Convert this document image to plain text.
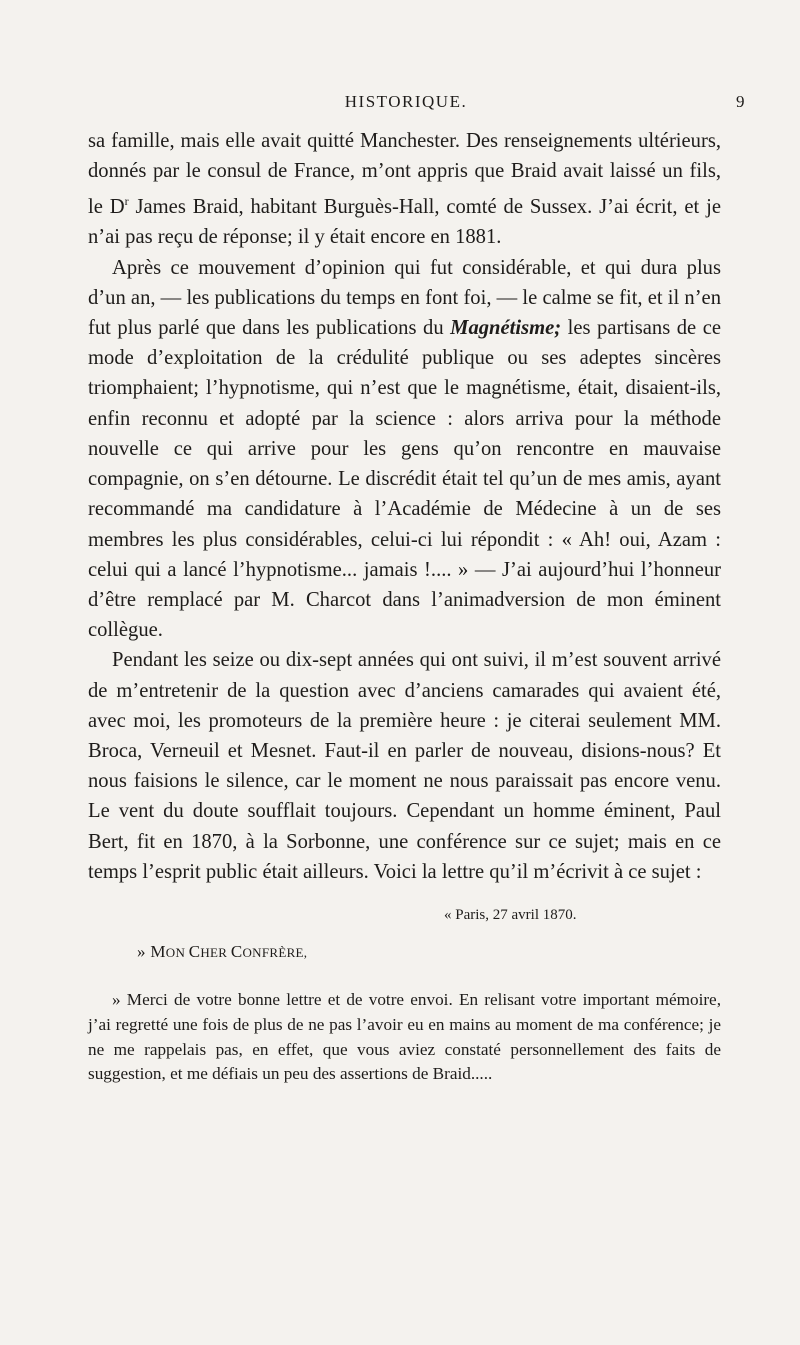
HISTORIQUE.	9

sa famille, mais elle avait quitté Manchester. Des renseignements ultérieurs, donnés par le consul de France, m’ont appris que Braid avait laissé un fils, le $D^r$ James Braid, habitant Burguès-Hall, comté de Sussex. J’ai écrit, et je n’ai pas reçu de réponse; il y était encore en 1881.

Après ce mouvement d’opinion qui fut considérable, et qui dura plus d’un an, — les publications du temps en font foi, — le calme se fit, et il n’en fut plus parlé que dans les publications du Magnétisme; les partisans de ce mode d’exploitation de la crédulité publique ou ses adeptes sincères triomphaient; l’hypnotisme, qui n’est que le magnétisme, était, disaient-ils, enfin reconnu et adopté par la science : alors arriva pour la méthode nouvelle ce qui arrive pour les gens qu’on rencontre en mauvaise compagnie, on s’en détourne. Le discrédit était tel qu’un de mes amis, ayant recommandé ma candidature à l’Académie de Médecine à un de ses membres les plus considérables, celui-ci lui répondit : « Ah! oui, Azam : celui qui a lancé l’hypnotisme... jamais !.... » — J’ai aujourd’hui l’honneur d’être remplacé par M. Charcot dans l’animadversion de mon éminent collègue.

Pendant les seize ou dix-sept années qui ont suivi, il m’est souvent arrivé de m’entretenir de la question avec d’anciens camarades qui avaient été, avec moi, les promoteurs de la première heure : je citerai seulement MM. Broca, Verneuil et Mesnet. Faut-il en parler de nouveau, disions-nous? Et nous faisions le silence, car le moment ne nous paraissait pas encore venu. Le vent du doute soufflait toujours. Cependant un homme éminent, Paul Bert, fit en 1870, à la Sorbonne, une conférence sur ce sujet; mais en ce temps l’esprit public était ailleurs. Voici la lettre qu’il m’écrivit à ce sujet :

« Paris, 27 avril 1870.
» MON CHER CONFRÈRE,

» Merci de votre bonne lettre et de votre envoi. En relisant votre important mémoire, j’ai regretté une fois de plus de ne pas l’avoir eu en mains au moment de ma conférence; je ne me rappelais pas, en effet, que vous aviez constaté personnellement des faits de suggestion, et me défiais un peu des assertions de Braid.....
